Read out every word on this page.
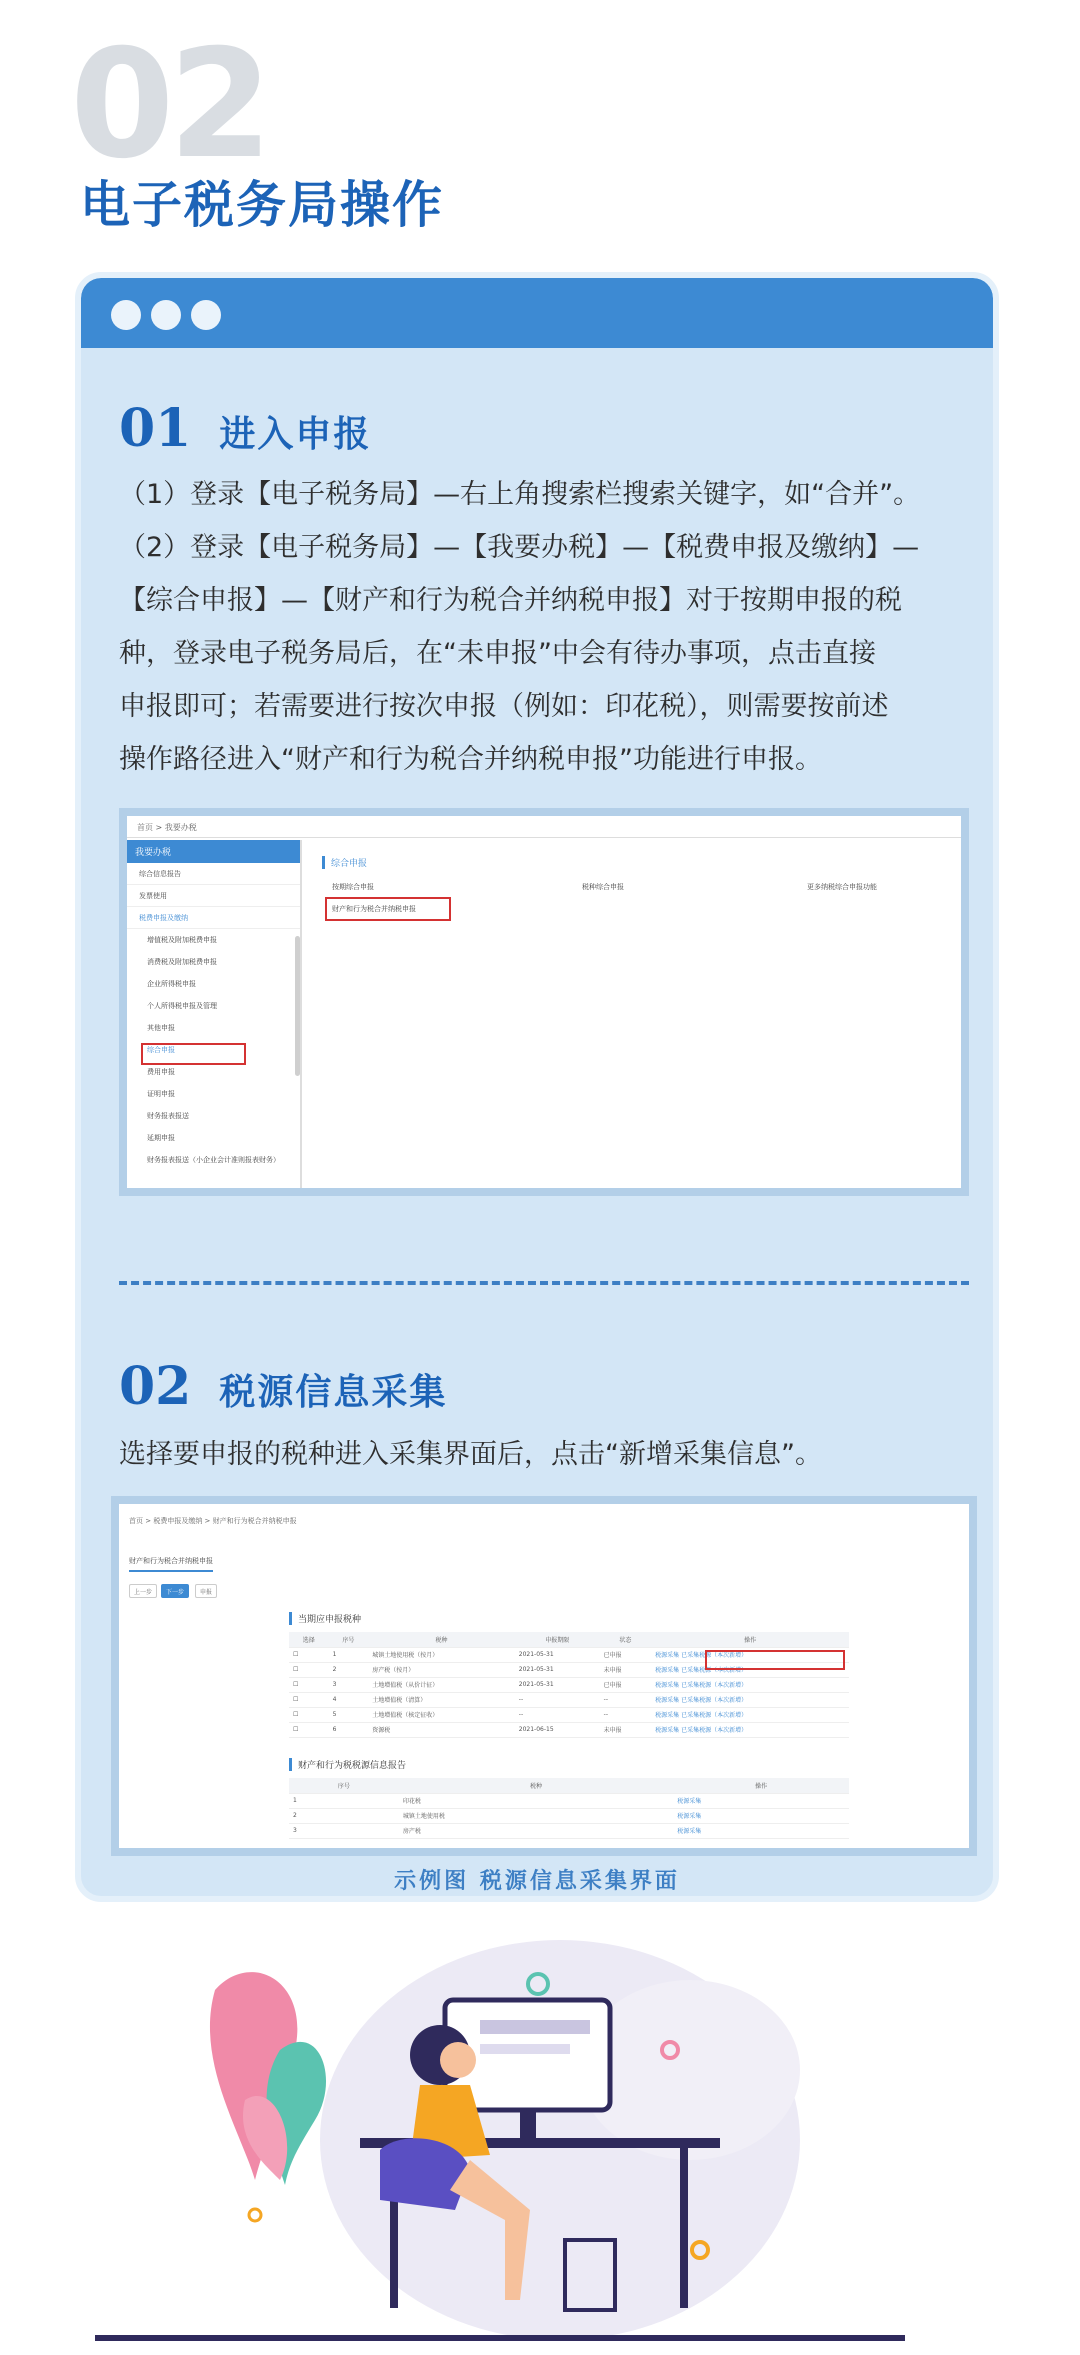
02
电子税务局操作
01 进入申报
（1）登录【电子税务局】—右上角搜索栏搜索关键字，如“合并”。
（2）登录【电子税务局】—【我要办税】—【税费申报及缴纳】—
【综合申报】—【财产和行为税合并纳税申报】对于按期申报的税
种，登录电子税务局后，在“未申报”中会有待办事项，点击直接
申报即可；若需要进行按次申报（例如：印花税），则需要按前述
操作路径进入“财产和行为税合并纳税申报”功能进行申报。
首页 > 我要办税
我要办税
综合信息报告
发票使用
税费申报及缴纳
增值税及附加税费申报
消费税及附加税费申报
企业所得税申报
个人所得税申报及管理
其他申报
综合申报
费用申报
证明申报
财务报表报送
延期申报
财务报表报送（小企业会计准则报表财务）
综合申报
按期综合申报	税种综合申报	更多纳税综合申报功能
财产和行为税合并纳税申报
02 税源信息采集
选择要申报的税种进入采集界面后，点击“新增采集信息”。
首页 > 税费申报及缴纳 > 财产和行为税合并纳税申报
财产和行为税合并纳税申报
上一步	下一步	申报
当期应申报税种
选择	序号	税种	申报期限	状态	操作
☐	1	城镇土地使用税（按月）	2021-05-31	已申报	税源采集 已采集税源（本次新增）
☐	2	房产税（按月）	2021-05-31	未申报	税源采集 已采集税源（本次新增）
☐	3	土地增值税（从价计征）	2021-05-31	已申报	税源采集 已采集税源（本次新增）
☐	4	土地增值税（清算）	--	--	税源采集 已采集税源（本次新增）
☐	5	土地增值税（核定征收）	--	--	税源采集 已采集税源（本次新增）
☐	6	资源税	2021-06-15	未申报	税源采集 已采集税源（本次新增）
财产和行为税税源信息报告
序号	税种	操作
1	印花税	税源采集
2	城镇土地使用税	税源采集
3	房产税	税源采集
示例图 税源信息采集界面
